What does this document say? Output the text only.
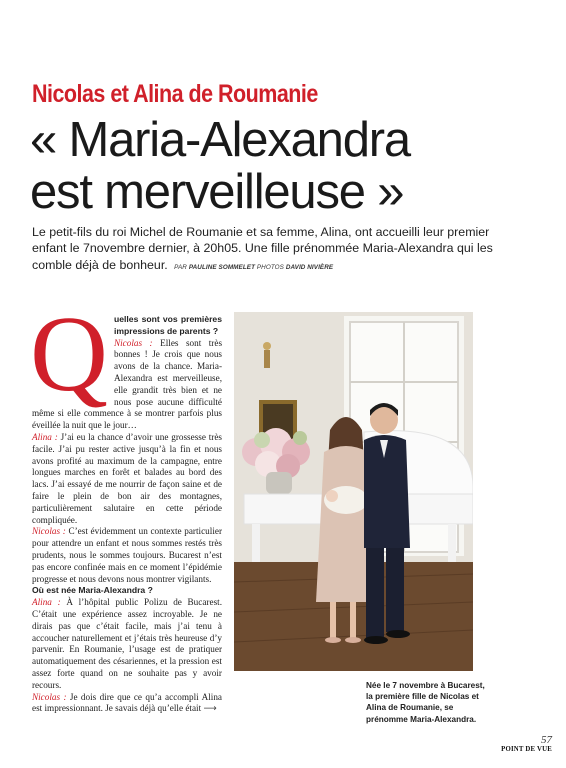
Nicolas et Alina de Roumanie
« Maria-Alexandra
est merveilleuse »
Le petit-fils du roi Michel de Roumanie et sa femme, Alina, ont accueilli leur premier enfant le 7novembre dernier, à 20h05. Une fille prénommée Maria-Alexandra qui les comble déjà de bonheur. PAR PAULINE SOMMELET PHOTOS DAVID NIVIÈRE
Q uelles sont vos premières impressions de parents ?

Nicolas : Elles sont très bonnes ! Je crois que nous avons de la chance. Maria-Alexandra est merveilleuse, elle grandit très bien et ne nous pose aucune difficulté même si elle commence à se montrer parfois plus éveillée la nuit que le jour…

Alina : J’ai eu la chance d’avoir une grossesse très facile. J’ai pu rester active jusqu’à la fin et nous avons profité au maximum de la campagne, entre longues marches en forêt et balades au bord des lacs. J’ai essayé de me nourrir de façon saine et de faire le plein de bon air des montagnes, particulièrement salutaire en cette période compliquée.

Nicolas : C’est évidemment un contexte particulier pour attendre un enfant et nous sommes restés très prudents, nous le sommes toujours. Bucarest n’est pas encore confinée mais en ce moment l’épidémie progresse et nous devons nous montrer vigilants.

Où est née Maria-Alexandra ?

Alina : À l’hôpital public Polizu de Bucarest. C’était une expérience assez incroyable. Je ne dirais pas que c’était facile, mais j’ai tenu à accoucher naturellement et j’étais très heureuse d’y parvenir. En Roumanie, l’usage est de pratiquer automatiquement des césariennes, et la pression est assez forte quand on ne souhaite pas y avoir recours.

Nicolas : Je dois dire que ce qu’a accompli Alina est impressionnant. Je savais déjà qu’elle était ⟶

Née le 7 novembre à Bucarest, la première fille de Nicolas et Alina de Roumanie, se prénomme Maria-Alexandra.
57
POINT DE VUE
